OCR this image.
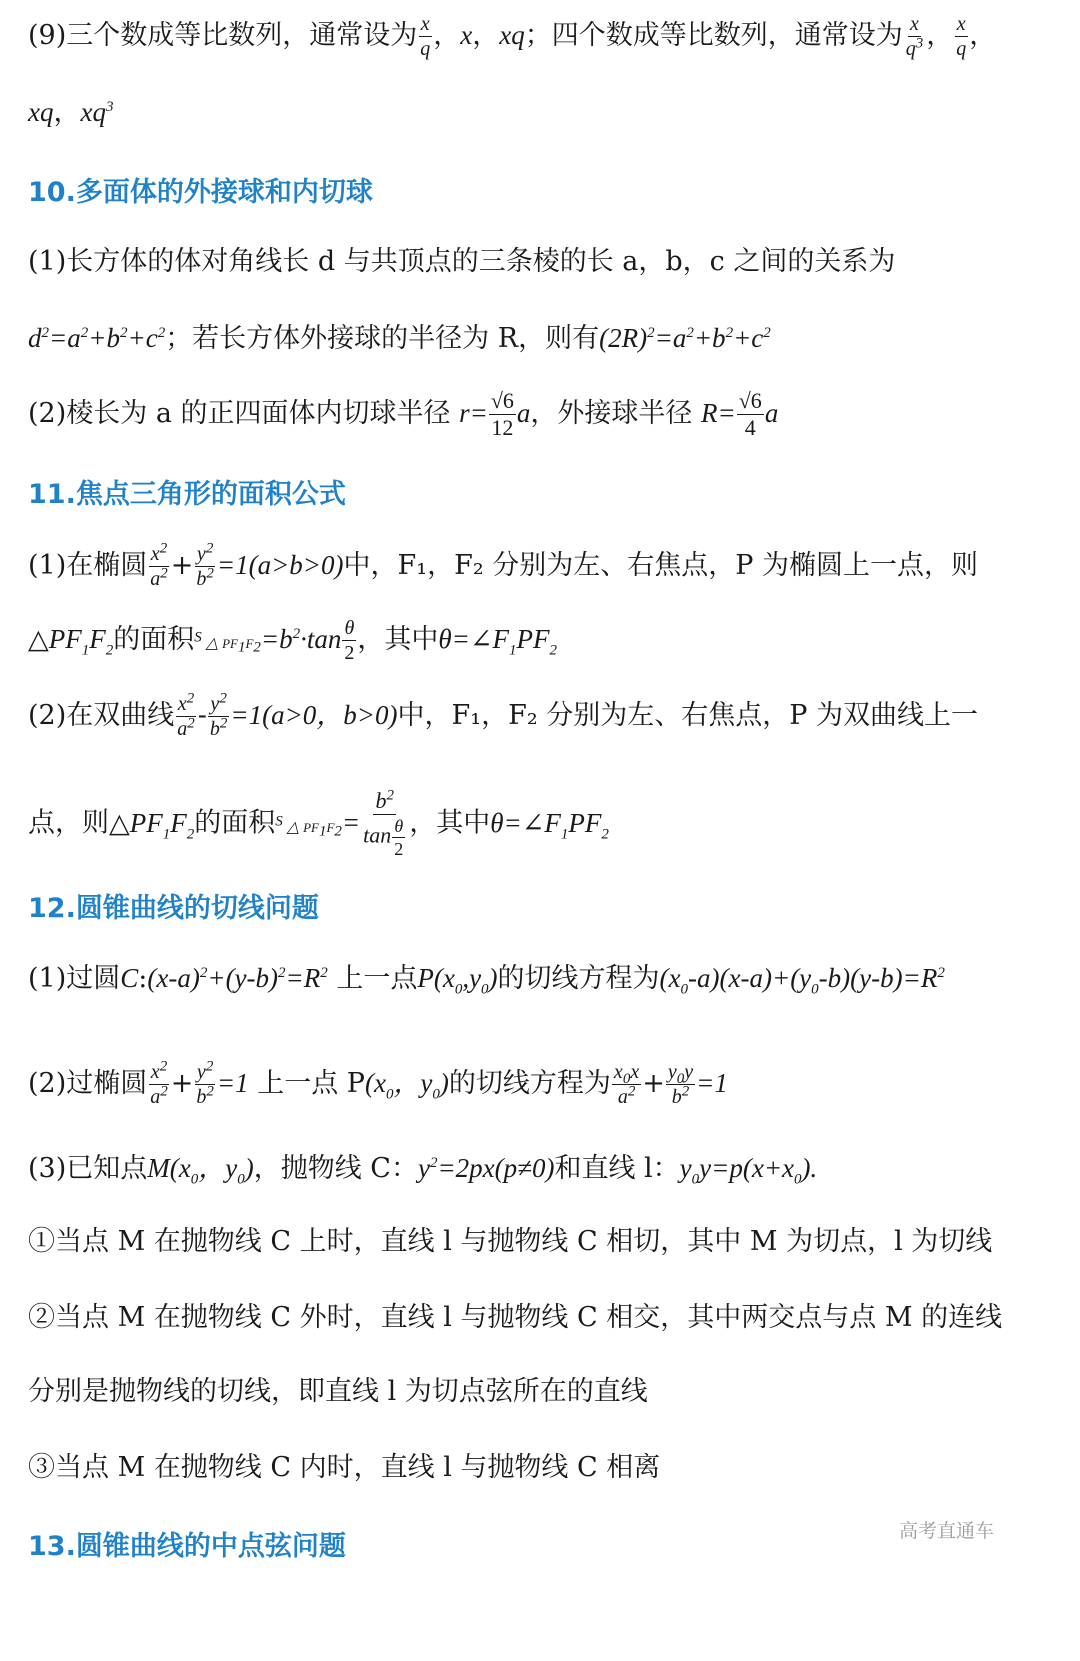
(9)三个数成等比数列，通常设为 $\frac{x}{q}$ ，x，xq；四个数成等比数列，通常设为 $\frac{x}{q^3}$ ， $\frac{x}{q}$ ，
xq，$xq^3$
10.多面体的外接球和内切球
(1)长方体的体对角线长 d 与共顶点的三条棱的长 a，b，c 之间的关系为
$d^2=a^2+b^2+c^2$；若长方体外接球的半径为 R，则有$(2R)^2=a^2+b^2+c^2$
(2)棱长为 a 的正四面体内切球半径 $r= \frac{√6}{12}$ a，外接球半径 $R= \frac{√6}{4}$ a
11.焦点三角形的面积公式
(1)在椭圆 $\frac{x^2}{a^2} + \frac{y^2}{b^2} =1(a>b>0)$中，F₁，F₂ 分别为左、右焦点，P 为椭圆上一点，则
$\triangle PF_1F_2$的面积$^S$ △ $PF_1F_2=b^2\cdot\tan \frac{\theta}{2}$ ，其中$\theta=\angle F_1PF_2$
(2)在双曲线 $\frac{x^2}{a^2} - \frac{y^2}{b^2} =1(a>0$，b>0)中，F₁，F₂ 分别为左、右焦点，P 为双曲线上一
点，则$\triangle PF_1F_2$的面积$^S$ △ $PF_1F_2= \frac{b^2}{\tan \frac{\theta}{2}}$ ，其中$\theta=\angle F_1PF_2$
12.圆锥曲线的切线问题
(1)过圆$C:(x-a)^2+(y-b)^2=R^2$ 上一点$P(x_0,y_0)$的切线方程为$(x_0-a)(x-a)+(y_0-b)(y-b)=R^2$
(2)过椭圆 $\frac{x^2}{a^2} + \frac{y^2}{b^2} =1$ 上一点 $P(x_0$，$y_0$)的切线方程为 $\frac{x_0x}{a^2} + \frac{y_0y}{b^2} =1$
(3)已知点$M(x_0$，$y_0$)，抛物线 C：$y^2=2px(p\ne 0)$和直线 l：$y_0y=p(x+x_0)$.
①当点 M 在抛物线 C 上时，直线 l 与抛物线 C 相切，其中 M 为切点，l 为切线
②当点 M 在抛物线 C 外时，直线 l 与抛物线 C 相交，其中两交点与点 M 的连线
分别是抛物线的切线，即直线 l 为切点弦所在的直线
③当点 M 在抛物线 C 内时，直线 l 与抛物线 C 相离
高考直通车
13.圆锥曲线的中点弦问题
